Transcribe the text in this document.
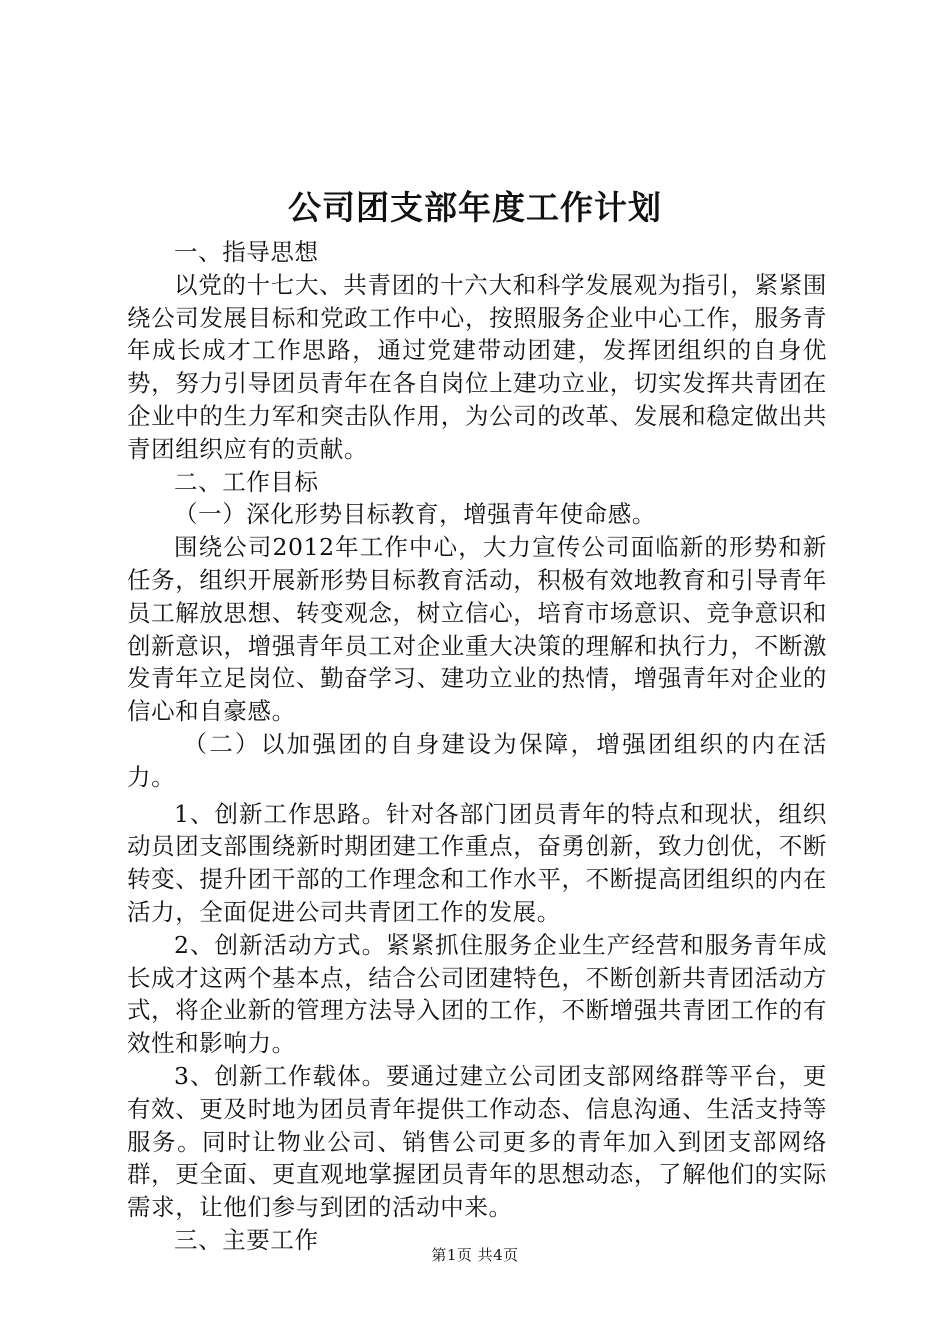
公司团支部年度工作计划

一、指导思想

以党的十七大、共青团的十六大和科学发展观为指引，紧紧围绕公司发展目标和党政工作中心，按照服务企业中心工作，服务青年成长成才工作思路，通过党建带动团建，发挥团组织的自身优势，努力引导团员青年在各自岗位上建功立业，切实发挥共青团在企业中的生力军和突击队作用，为公司的改革、发展和稳定做出共青团组织应有的贡献。

二、工作目标

（一）深化形势目标教育，增强青年使命感。

围绕公司2012年工作中心，大力宣传公司面临新的形势和新任务，组织开展新形势目标教育活动，积极有效地教育和引导青年员工解放思想、转变观念，树立信心，培育市场意识、竞争意识和创新意识，增强青年员工对企业重大决策的理解和执行力，不断激发青年立足岗位、勤奋学习、建功立业的热情，增强青年对企业的信心和自豪感。

（二）以加强团的自身建设为保障，增强团组织的内在活力。

1、创新工作思路。针对各部门团员青年的特点和现状，组织动员团支部围绕新时期团建工作重点，奋勇创新，致力创优，不断转变、提升团干部的工作理念和工作水平，不断提高团组织的内在活力，全面促进公司共青团工作的发展。

2、创新活动方式。紧紧抓住服务企业生产经营和服务青年成长成才这两个基本点，结合公司团建特色，不断创新共青团活动方式，将企业新的管理方法导入团的工作，不断增强共青团工作的有效性和影响力。

3、创新工作载体。要通过建立公司团支部网络群等平台，更有效、更及时地为团员青年提供工作动态、信息沟通、生活支持等服务。同时让物业公司、销售公司更多的青年加入到团支部网络群，更全面、更直观地掌握团员青年的思想动态，了解他们的实际需求，让他们参与到团的活动中来。

三、主要工作

第1页 共4页
